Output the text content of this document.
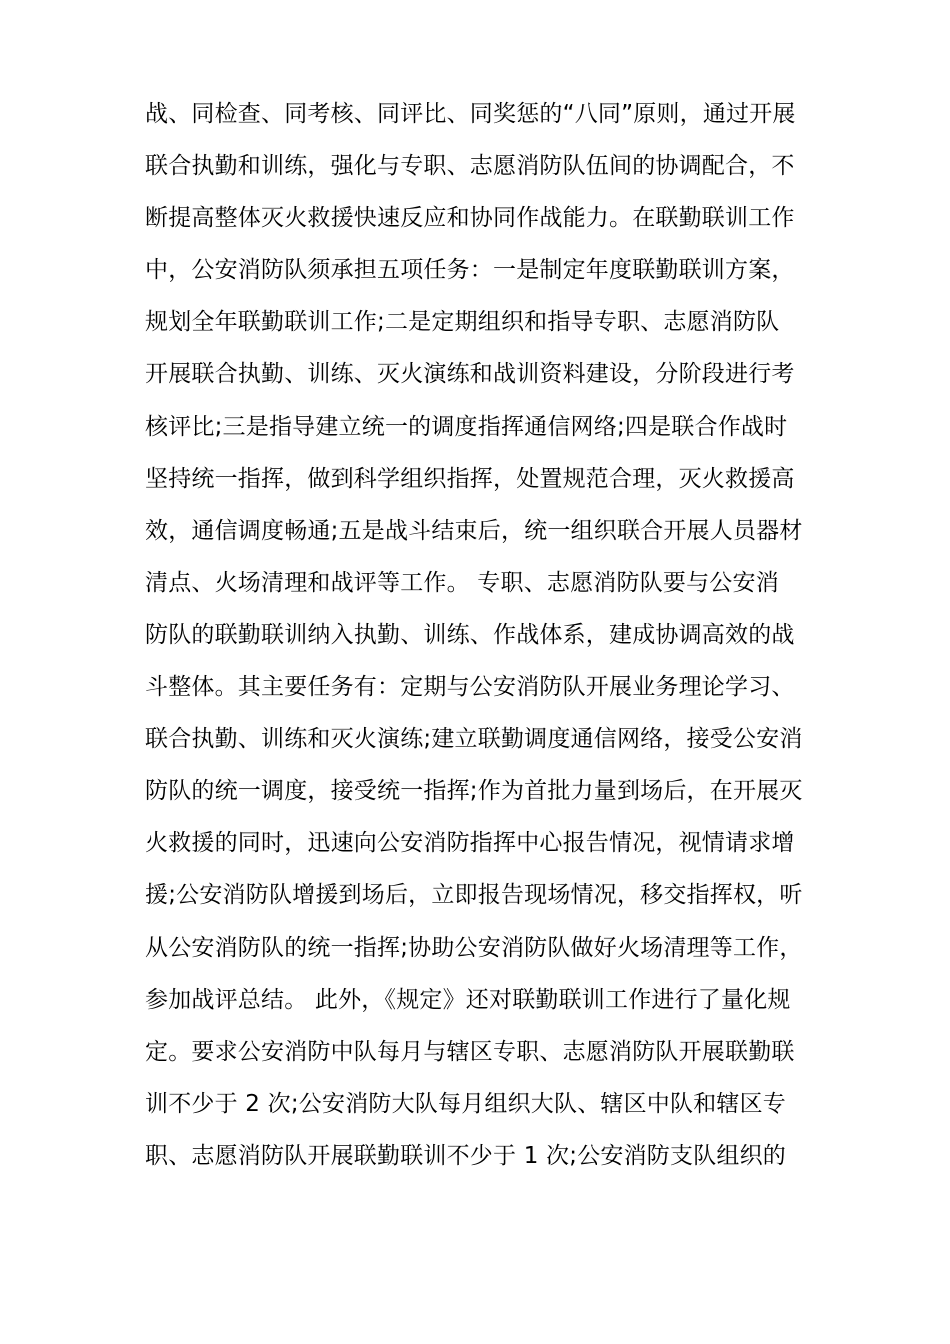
战、同检查、同考核、同评比、同奖惩的“八同”原则，通过开展
联合执勤和训练，强化与专职、志愿消防队伍间的协调配合，不
断提高整体灭火救援快速反应和协同作战能力。在联勤联训工作
中，公安消防队须承担五项任务：一是制定年度联勤联训方案，
规划全年联勤联训工作;二是定期组织和指导专职、志愿消防队
开展联合执勤、训练、灭火演练和战训资料建设，分阶段进行考
核评比;三是指导建立统一的调度指挥通信网络;四是联合作战时
坚持统一指挥，做到科学组织指挥，处置规范合理，灭火救援高
效，通信调度畅通;五是战斗结束后，统一组织联合开展人员器材
清点、火场清理和战评等工作。 专职、志愿消防队要与公安消
防队的联勤联训纳入执勤、训练、作战体系，建成协调高效的战
斗整体。其主要任务有：定期与公安消防队开展业务理论学习、
联合执勤、训练和灭火演练;建立联勤调度通信网络，接受公安消
防队的统一调度，接受统一指挥;作为首批力量到场后，在开展灭
火救援的同时，迅速向公安消防指挥中心报告情况，视情请求增
援;公安消防队增援到场后，立即报告现场情况，移交指挥权，听
从公安消防队的统一指挥;协助公安消防队做好火场清理等工作，
参加战评总结。 此外，《规定》还对联勤联训工作进行了量化规
定。要求公安消防中队每月与辖区专职、志愿消防队开展联勤联
训不少于 2 次;公安消防大队每月组织大队、辖区中队和辖区专
职、志愿消防队开展联勤联训不少于 1 次;公安消防支队组织的
